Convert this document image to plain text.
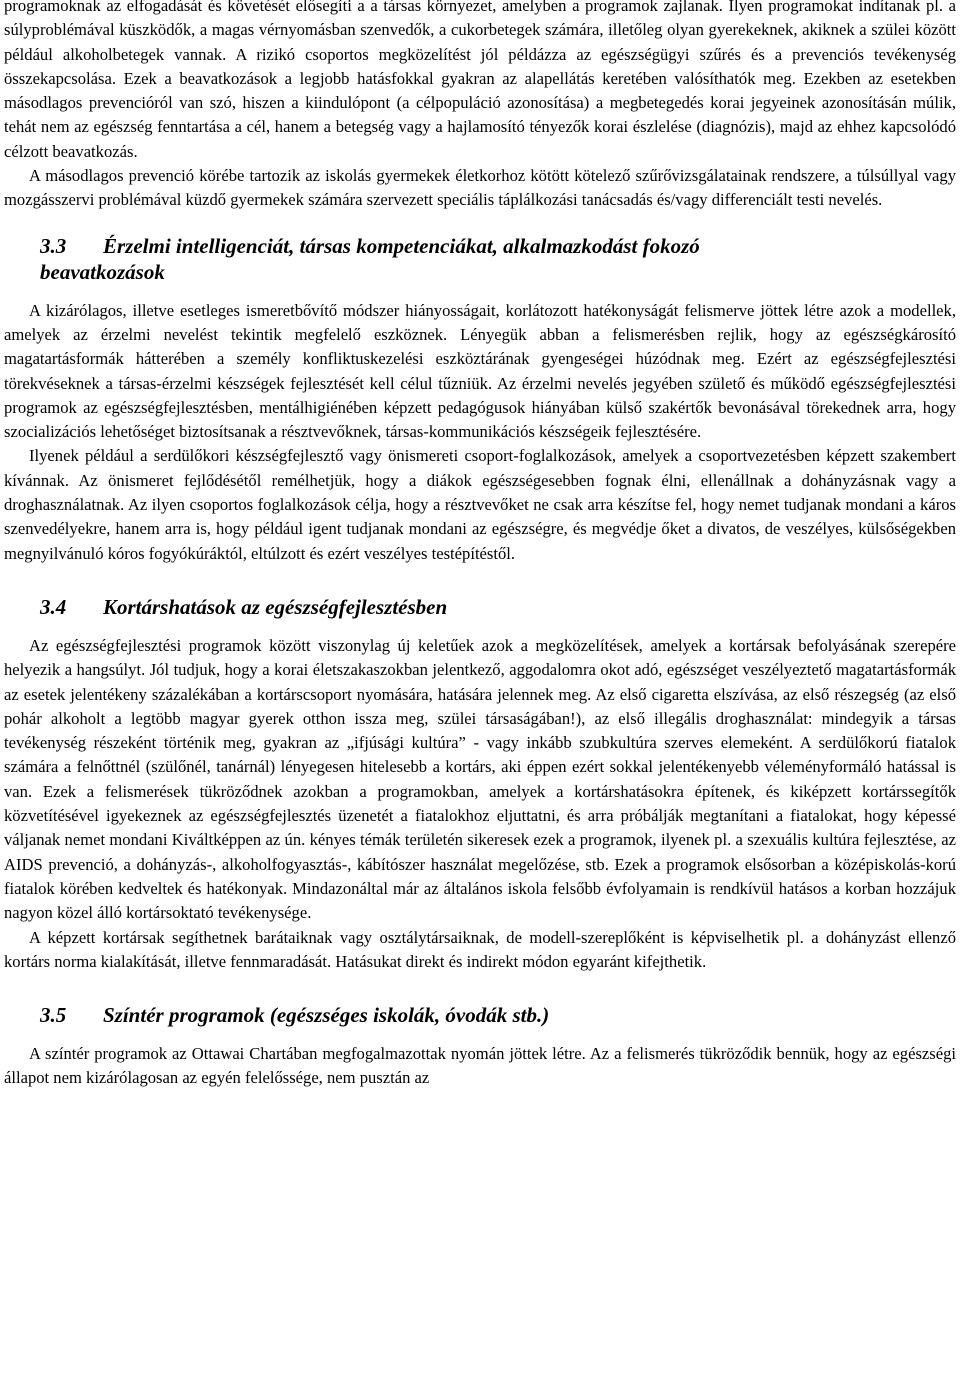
programoknak az elfogadását és követését elősegíti a a társas környezet, amelyben a programok zajlanak. Ilyen programokat indítanak pl. a súlyproblémával küszködők, a magas vérnyomásban szenvedők, a cukorbetegek számára, illetőleg olyan gyerekeknek, akiknek a szülei között például alkoholbetegek vannak. A rizikó csoportos megközelítést jól példázza az egészségügyi szűrés és a prevenciós tevékenység összekapcsolása. Ezek a beavatkozások a legjobb hatásfokkal gyakran az alapellátás keretében valósíthatók meg. Ezekben az esetekben másodlagos prevencióról van szó, hiszen a kiindulópont (a célpopuláció azonosítása) a megbetegedés korai jegyeinek azonosításán múlik, tehát nem az egészség fenntartása a cél, hanem a betegség vagy a hajlamosító tényezők korai észlelése (diagnózis), majd az ehhez kapcsolódó célzott beavatkozás.

A másodlagos prevenció körébe tartozik az iskolás gyermekek életkorhoz kötött kötelező szűrővizsgálatainak rendszere, a túlsúllyal vagy mozgásszervi problémával küzdő gyermekek számára szervezett speciális táplálkozási tanácsadás és/vagy differenciált testi nevelés.

3.3	Érzelmi intelligenciát, társas kompetenciákat, alkalmazkodást fokozó
beavatkozások

A kizárólagos, illetve esetleges ismeretbővítő módszer hiányosságait, korlátozott hatékonyságát felismerve jöttek létre azok a modellek, amelyek az érzelmi nevelést tekintik megfelelő eszköznek. Lényegük abban a felismerésben rejlik, hogy az egészségkárosító magatartásformák hátterében a személy konfliktuskezelési eszköztárának gyengeségei húzódnak meg. Ezért az egészségfejlesztési törekvéseknek a társas-érzelmi készségek fejlesztését kell célul tűzniük. Az érzelmi nevelés jegyében születő és működő egészségfejlesztési programok az egészségfejlesztésben, mentálhigiénében képzett pedagógusok hiányában külső szakértők bevonásával törekednek arra, hogy szocializációs lehetőséget biztosítsanak a résztvevőknek, társas-kommunikációs készségeik fejlesztésére.

Ilyenek például a serdülőkori készségfejlesztő vagy önismereti csoport-foglalkozások, amelyek a csoportvezetésben képzett szakembert kívánnak. Az önismeret fejlődésétől remélhetjük, hogy a diákok egészségesebben fognak élni, ellenállnak a dohányzásnak vagy a droghasználatnak. Az ilyen csoportos foglalkozások célja, hogy a résztvevőket ne csak arra készítse fel, hogy nemet tudjanak mondani a káros szenvedélyekre, hanem arra is, hogy például igent tudjanak mondani az egészségre, és megvédje őket a divatos, de veszélyes, külsőségekben megnyilvánuló kóros fogyókúráktól, eltúlzott és ezért veszélyes testépítéstől.

3.4	Kortárshatások az egészségfejlesztésben

Az egészségfejlesztési programok között viszonylag új keletűek azok a megközelítések, amelyek a kortársak befolyásának szerepére helyezik a hangsúlyt. Jól tudjuk, hogy a korai életszakaszokban jelentkező, aggodalomra okot adó, egészséget veszélyeztető magatartásformák az esetek jelentékeny százalékában a kortárscsoport nyomására, hatására jelennek meg. Az első cigaretta elszívása, az első részegség (az első pohár alkoholt a legtöbb magyar gyerek otthon issza meg, szülei társaságában!), az első illegális droghasználat: mindegyik a társas tevékenység részeként történik meg, gyakran az „ifjúsági kultúra” - vagy inkább szubkultúra szerves elemeként. A serdülőkorú fiatalok számára a felnőttnél (szülőnél, tanárnál) lényegesen hitelesebb a kortárs, aki éppen ezért sokkal jelentékenyebb véleményformáló hatással is van. Ezek a felismerések tükröződnek azokban a programokban, amelyek a kortárshatásokra építenek, és kiképzett kortárssegítők közvetítésével igyekeznek az egészségfejlesztés üzenetét a fiatalokhoz eljuttatni, és arra próbálják megtanítani a fiatalokat, hogy képessé váljanak nemet mondani Kiváltképpen az ún. kényes témák területén sikeresek ezek a programok, ilyenek pl. a szexuális kultúra fejlesztése, az AIDS prevenció, a dohányzás-, alkoholfogyasztás-, kábítószer használat megelőzése, stb. Ezek a programok elsősorban a középiskolás-korú fiatalok körében kedveltek és hatékonyak. Mindazonáltal már az általános iskola felsőbb évfolyamain is rendkívül hatásos a korban hozzájuk nagyon közel álló kortársoktató tevékenysége.

A képzett kortársak segíthetnek barátaiknak vagy osztálytársaiknak, de modell-szereplőként is képviselhetik pl. a dohányzást ellenző kortárs norma kialakítását, illetve fennmaradását. Hatásukat direkt és indirekt módon egyaránt kifejthetik.

3.5	Színtér programok (egészséges iskolák, óvodák stb.)

A színtér programok az Ottawai Chartában megfogalmazottak nyomán jöttek létre. Az a felismerés tükröződik bennük, hogy az egészségi állapot nem kizárólagosan az egyén felelőssége, nem pusztán az
